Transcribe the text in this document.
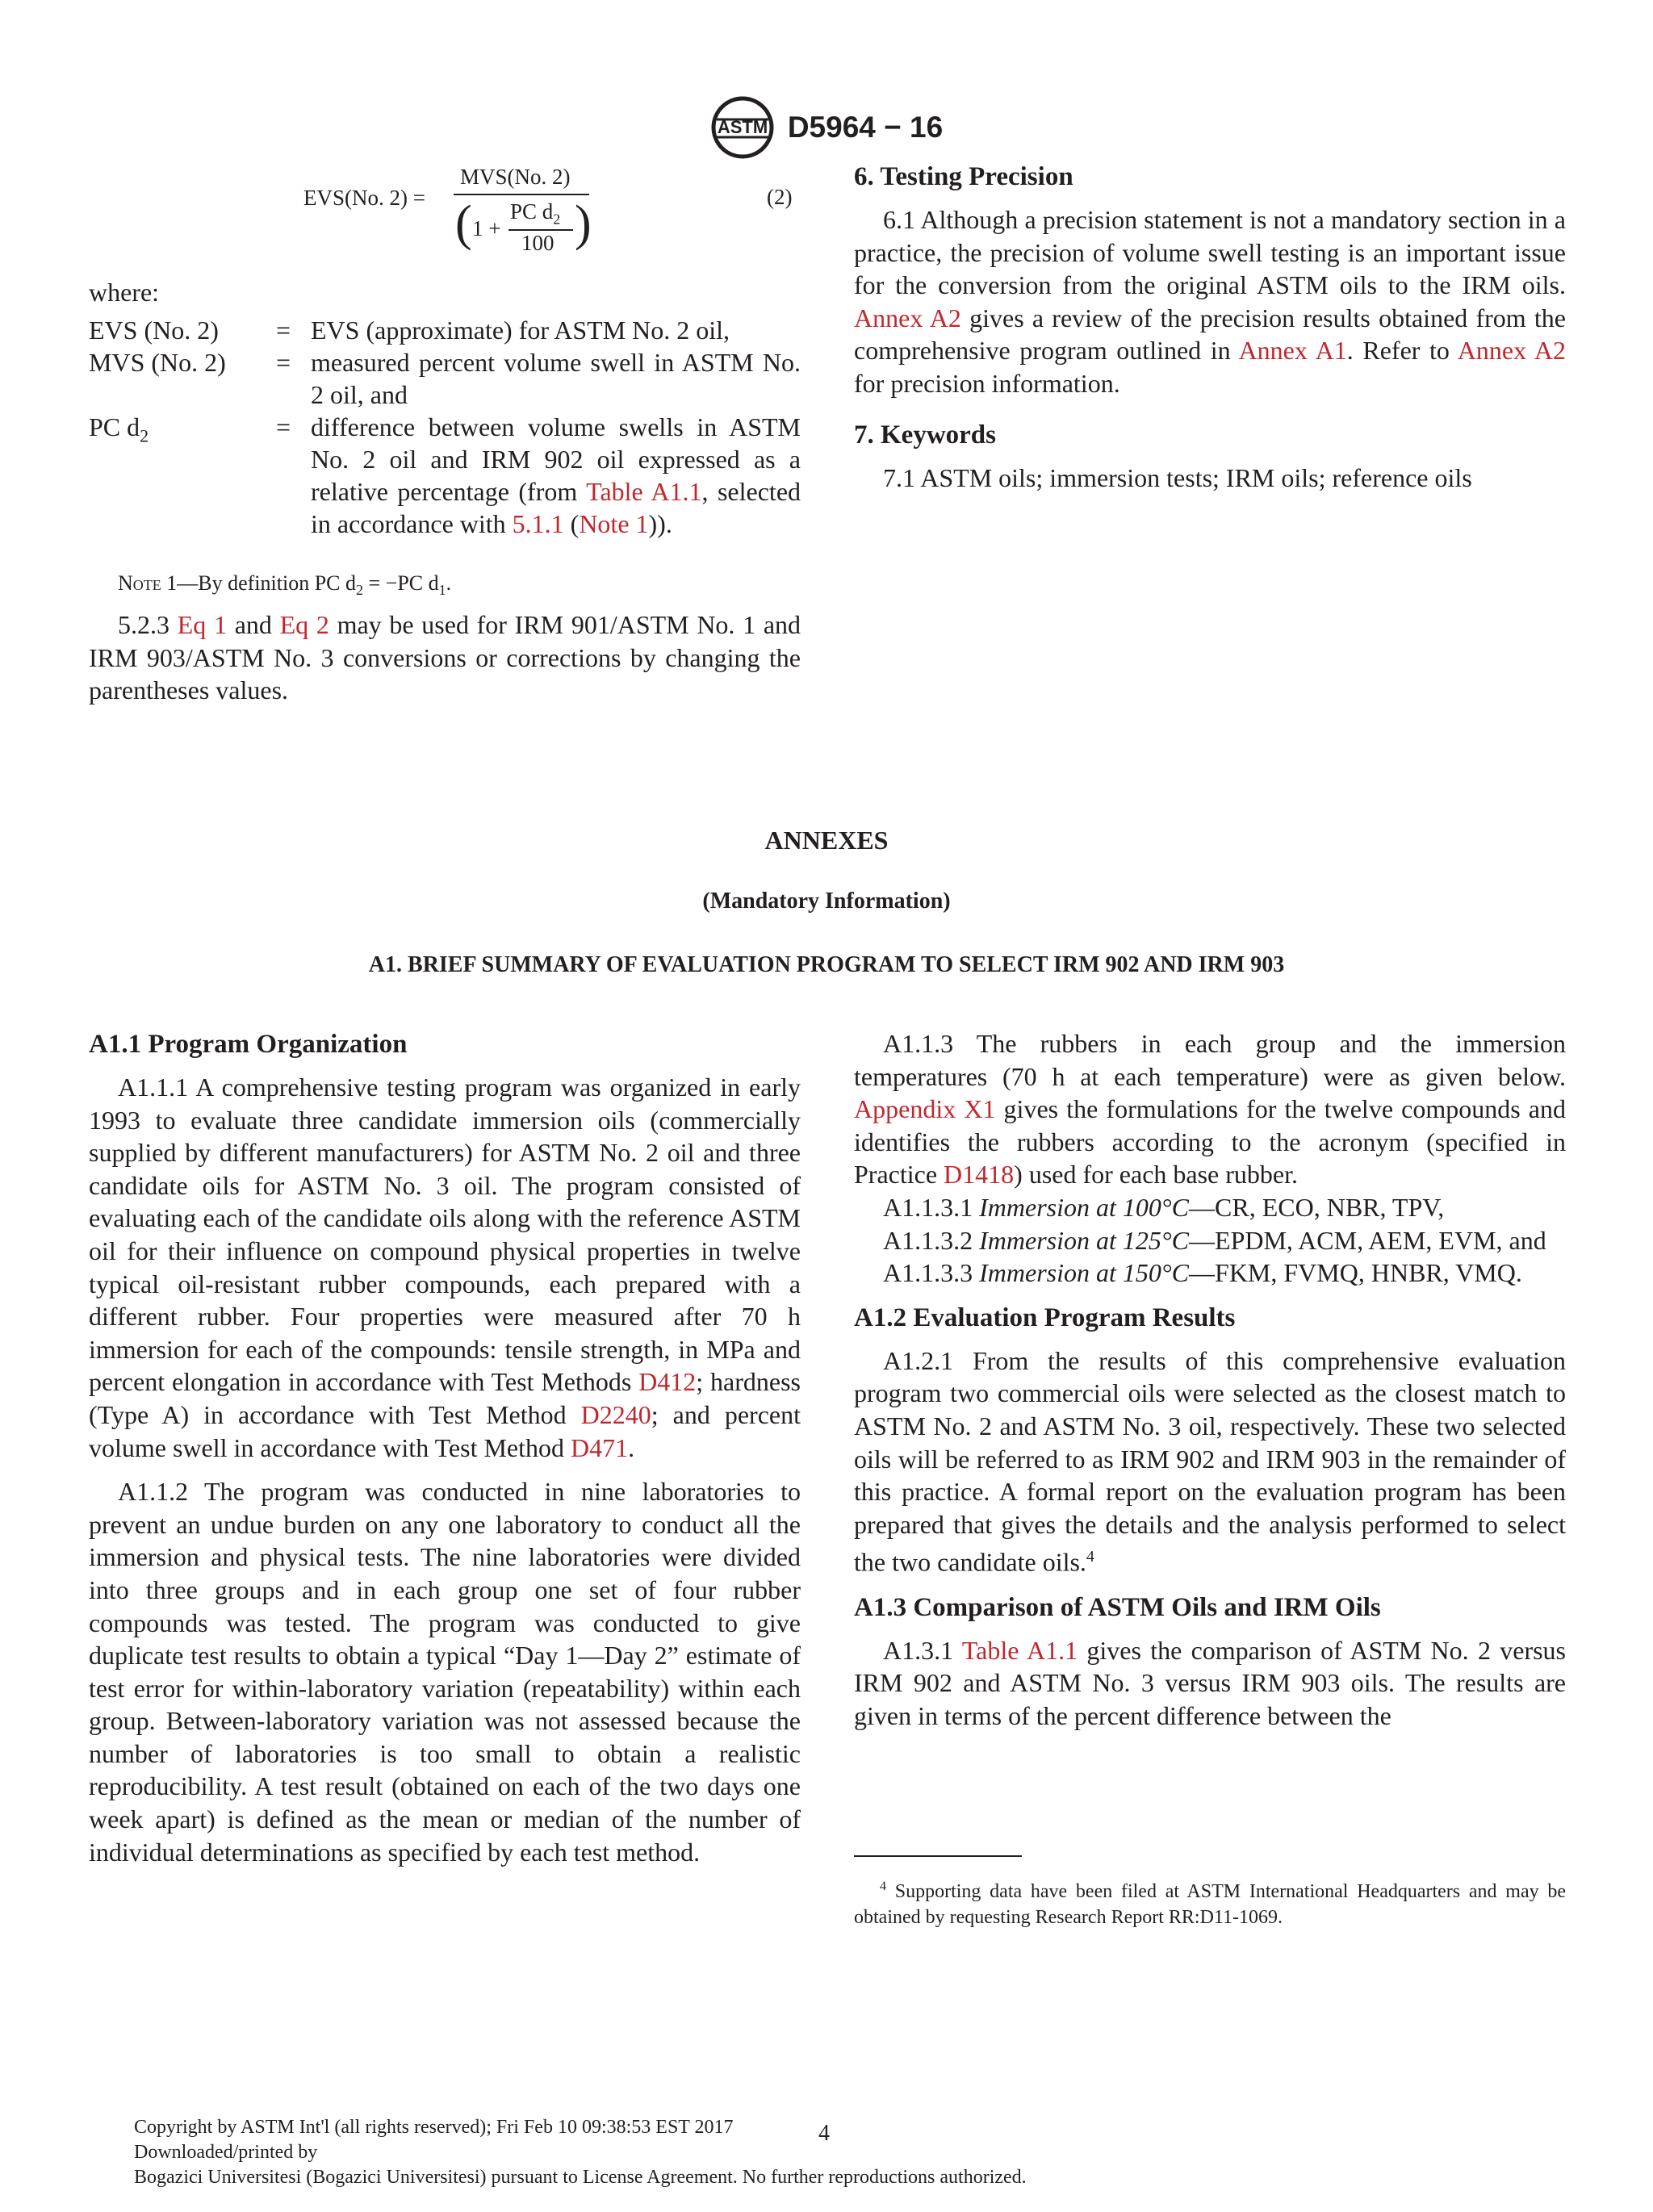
ASTM D5964 − 16
EVS(No. 2) =
MVS(No. 2)
( 1 +
PC $d_2$
100 )	(2)
where:
EVS (No. 2) = EVS (approximate) for ASTM No. 2 oil,
MVS (No. 2) = measured percent volume swell in ASTM No. 2 oil, and
PC $d_2$	= difference between volume swells in ASTM No. 2 oil and IRM 902 oil expressed as a relative percentage (from Table A1.1, selected in accordance with 5.1.1 (Note 1)).
Note 1—By definition PC $d_2 = -PC$ $d_1$.

5.2.3 Eq 1 and Eq 2 may be used for IRM 901/ASTM No. 1 and IRM 903/ASTM No. 3 conversions or corrections by changing the parentheses values.

6. Testing Precision

6.1 Although a precision statement is not a mandatory section in a practice, the precision of volume swell testing is an important issue for the conversion from the original ASTM oils to the IRM oils. Annex A2 gives a review of the precision results obtained from the comprehensive program outlined in Annex A1. Refer to Annex A2 for precision information.

7. Keywords

7.1 ASTM oils; immersion tests; IRM oils; reference oils

ANNEXES
(Mandatory Information)
A1. BRIEF SUMMARY OF EVALUATION PROGRAM TO SELECT IRM 902 AND IRM 903
A1.1 Program Organization

A1.1.1 A comprehensive testing program was organized in early 1993 to evaluate three candidate immersion oils (commercially supplied by different manufacturers) for ASTM No. 2 oil and three candidate oils for ASTM No. 3 oil. The program consisted of evaluating each of the candidate oils along with the reference ASTM oil for their influence on compound physical properties in twelve typical oil-resistant rubber compounds, each prepared with a different rubber. Four properties were measured after 70 h immersion for each of the compounds: tensile strength, in MPa and percent elongation in accordance with Test Methods D412; hardness (Type A) in accordance with Test Method D2240; and percent volume swell in accordance with Test Method D471.

A1.1.2 The program was conducted in nine laboratories to prevent an undue burden on any one laboratory to conduct all the immersion and physical tests. The nine laboratories were divided into three groups and in each group one set of four rubber compounds was tested. The program was conducted to give duplicate test results to obtain a typical “Day 1—Day 2” estimate of test error for within-laboratory variation (repeatability) within each group. Between-laboratory variation was not assessed because the number of laboratories is too small to obtain a realistic reproducibility. A test result (obtained on each of the two days one week apart) is defined as the mean or median of the number of individual determinations as specified by each test method.

A1.1.3 The rubbers in each group and the immersion temperatures (70 h at each temperature) were as given below. Appendix X1 gives the formulations for the twelve compounds and identifies the rubbers according to the acronym (specified in Practice D1418) used for each base rubber.

A1.1.3.1 Immersion at 100°C—CR, ECO, NBR, TPV,

A1.1.3.2 Immersion at 125°C—EPDM, ACM, AEM, EVM, and

A1.1.3.3 Immersion at 150°C—FKM, FVMQ, HNBR, VMQ.

A1.2 Evaluation Program Results

A1.2.1 From the results of this comprehensive evaluation program two commercial oils were selected as the closest match to ASTM No. 2 and ASTM No. 3 oil, respectively. These two selected oils will be referred to as IRM 902 and IRM 903 in the remainder of this practice. A formal report on the evaluation program has been prepared that gives the details and the analysis performed to select the two candidate oils.$^4$

A1.3 Comparison of ASTM Oils and IRM Oils

A1.3.1 Table A1.1 gives the comparison of ASTM No. 2 versus IRM 902 and ASTM No. 3 versus IRM 903 oils. The results are given in terms of the percent difference between the

$^4$ Supporting data have been filed at ASTM International Headquarters and may be obtained by requesting Research Report RR:D11-1069.
Copyright by ASTM Int'l (all rights reserved); Fri Feb 10 09:38:53 EST 2017
Downloaded/printed by
Bogazici Universitesi (Bogazici Universitesi) pursuant to License Agreement. No further reproductions authorized.
4
